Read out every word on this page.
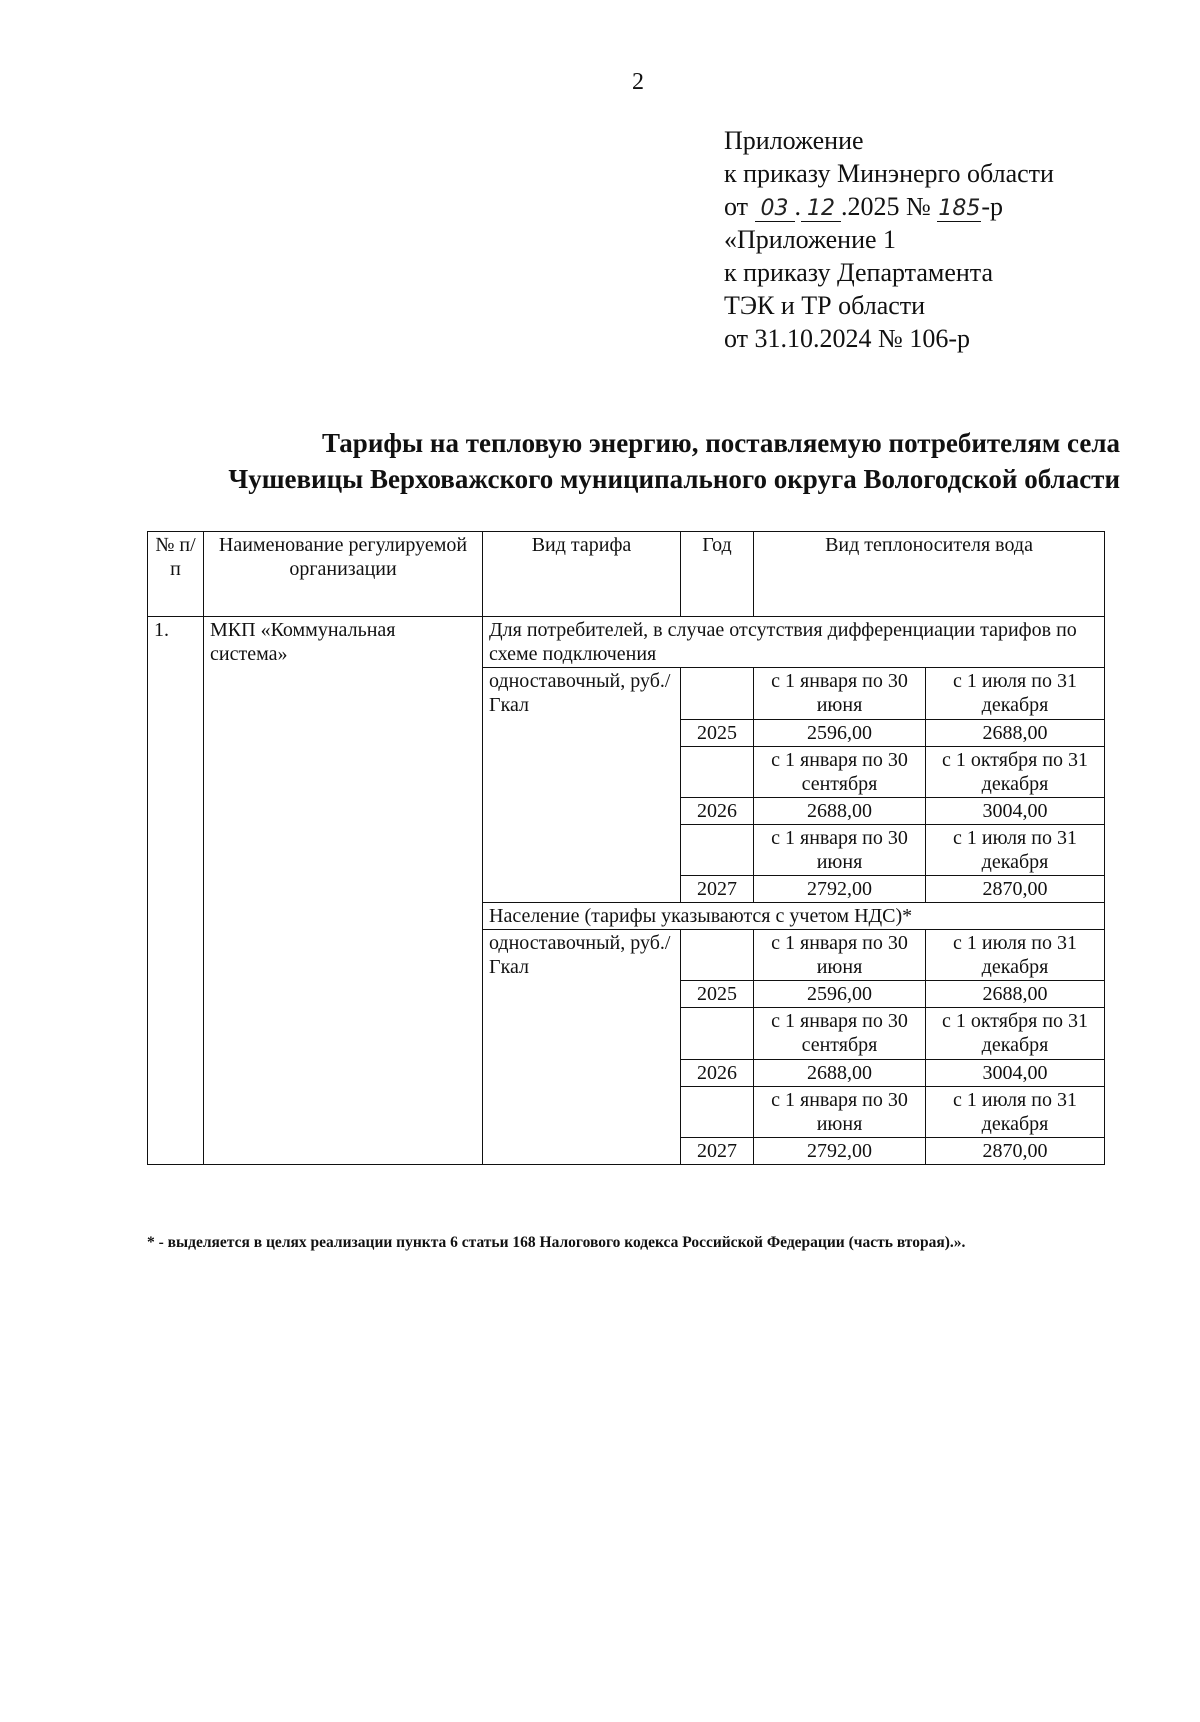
2
Приложение
к приказу Минэнерго области
от 03 . 12 .2025 № 185-р
«Приложение 1
к приказу Департамента
ТЭК и ТР области
от 31.10.2024 № 106-р
Тарифы на тепловую энергию, поставляемую потребителям села
Чушевицы Верховажского муниципального округа Вологодской области
№ п/п	Наименование регулируемой организации	Вид тарифа	Год	Вид теплоносителя вода	
1.	МКП «Коммунальная система»	Для потребителей, в случае отсутствия дифференциации тарифов по схеме подключения			
		одноставочный, руб./Гкал		с 1 января по 30 июня	с 1 июля по 31 декабря
			2025	2596,00	2688,00
				с 1 января по 30 сентября	с 1 октября по 31 декабря
			2026	2688,00	3004,00
				с 1 января по 30 июня	с 1 июля по 31 декабря
			2027	2792,00	2870,00
		Население (тарифы указываются с учетом НДС)*			
		одноставочный, руб./Гкал		с 1 января по 30 июня	с 1 июля по 31 декабря
			2025	2596,00	2688,00
				с 1 января по 30 сентября	с 1 октября по 31 декабря
			2026	2688,00	3004,00
				с 1 января по 30 июня	с 1 июля по 31 декабря
			2027	2792,00	2870,00
* - выделяется в целях реализации пункта 6 статьи 168 Налогового кодекса Российской Федерации (часть вторая).».
